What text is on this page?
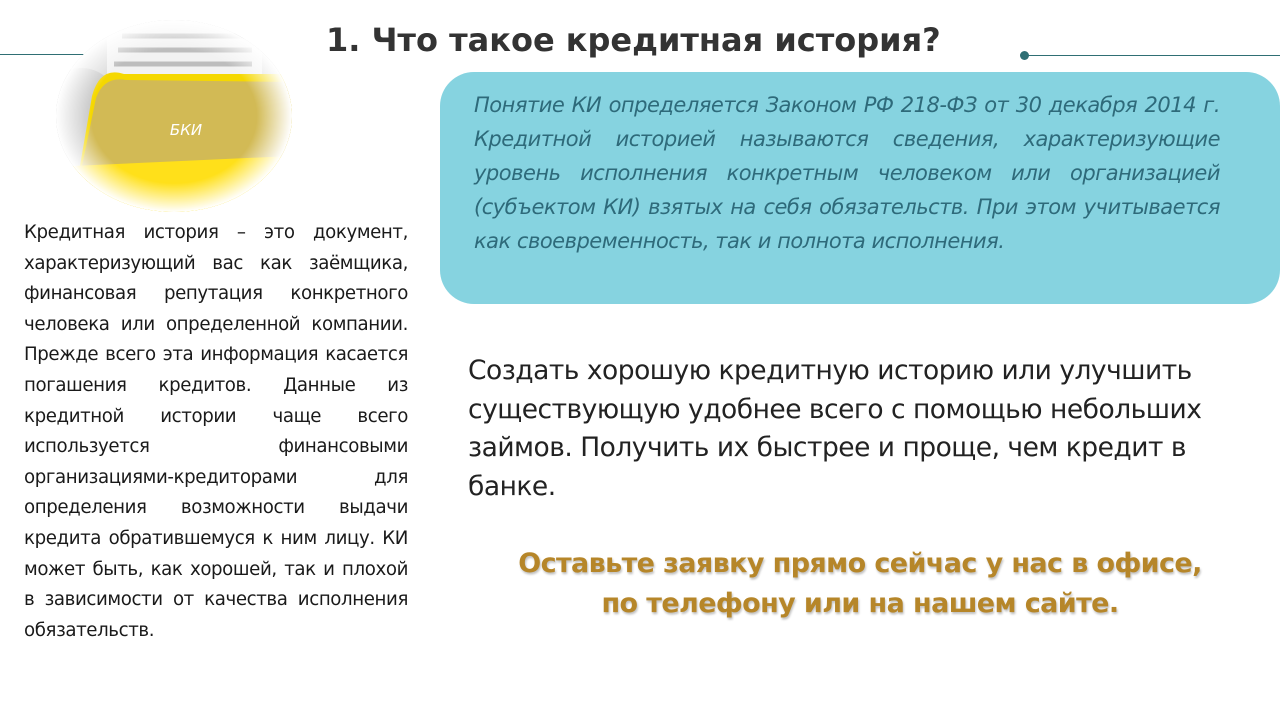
1. Что такое кредитная история?
БКИ

Кредитная история – это документ, характеризующий вас как заёмщика, финансовая репутация конкретного человека или определенной компании. Прежде всего эта информация касается погашения кредитов. Данные из кредитной истории чаще всего используется финансовыми организациями-кредиторами для определения возможности выдачи кредита обратившемуся к ним лицу. КИ может быть, как хорошей, так и плохой в зависимости от качества исполнения обязательств.

Понятие КИ определяется Законом РФ 218-ФЗ от 30 декабря 2014 г. Кредитной историей называются сведения, характеризующие уровень исполнения конкретным человеком или организацией (субъектом КИ) взятых на себя обязательств. При этом учитывается как своевременность, так и полнота исполнения.

Создать хорошую кредитную историю или улучшить существующую удобнее всего с помощью небольших займов. Получить их быстрее и проще, чем кредит в банке.

Оставьте заявку прямо сейчас у нас в офисе,
по телефону или на нашем сайте.
